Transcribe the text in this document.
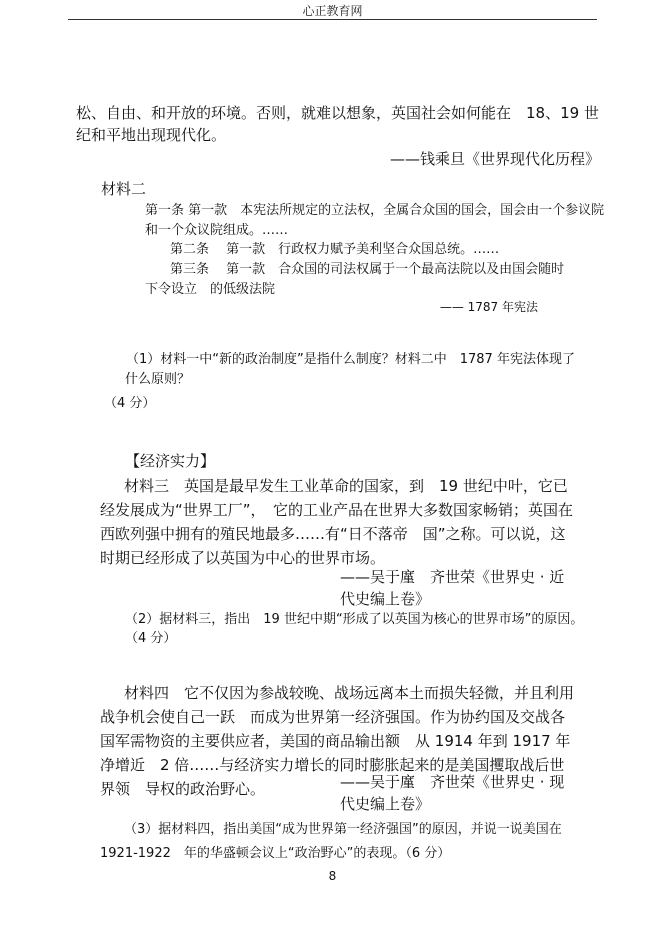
心正教育网

松、自由、和开放的环境。否则，就难以想象，英国社会如何能在　18、19 世纪和平地出现现代化。

——钱乘旦《世界现代化历程》

材料二

第一条 第一款　本宪法所规定的立法权，全属合众国的国会，国会由一个参议院和一个众议院组成。……

第二条　 第一款　行政权力赋予美利坚合众国总统。……

第三条　 第一款　合众国的司法权属于一个最高法院以及由国会随时下令设立　的低级法院

—— 1787 年宪法

（1）材料一中“新的政治制度”是指什么制度？材料二中　1787 年宪法体现了什么原则？

（4 分）

【经济实力】

材料三　英国是最早发生工业革命的国家，到　19 世纪中叶，它已经发展成为“世界工厂”，　它的工业产品在世界大多数国家畅销；英国在西欧列强中拥有的殖民地最多……有“日不落帝　国”之称。可以说，这时期已经形成了以英国为中心的世界市场。

——吴于廑　齐世荣《世界史 · 近代史编上卷》

（2）据材料三，指出　19 世纪中期“形成了以英国为核心的世界市场”的原因。

（4 分）

材料四　它不仅因为参战较晚、战场远离本土而损失轻微，并且利用战争机会使自己一跃　而成为世界第一经济强国。作为协约国及交战各国军需物资的主要供应者，美国的商品输出额　从 1914 年到 1917 年净增近　2 倍……与经济实力增长的同时膨胀起来的是美国攫取战后世界领　导权的政治野心。	——吴于廑　齐世荣《世界史 · 现代史编上卷》

（3）据材料四，指出美国“成为世界第一经济强国”的原因，并说一说美国在 1921-1922　年的华盛顿会议上“政治野心”的表现。（6 分）

8
